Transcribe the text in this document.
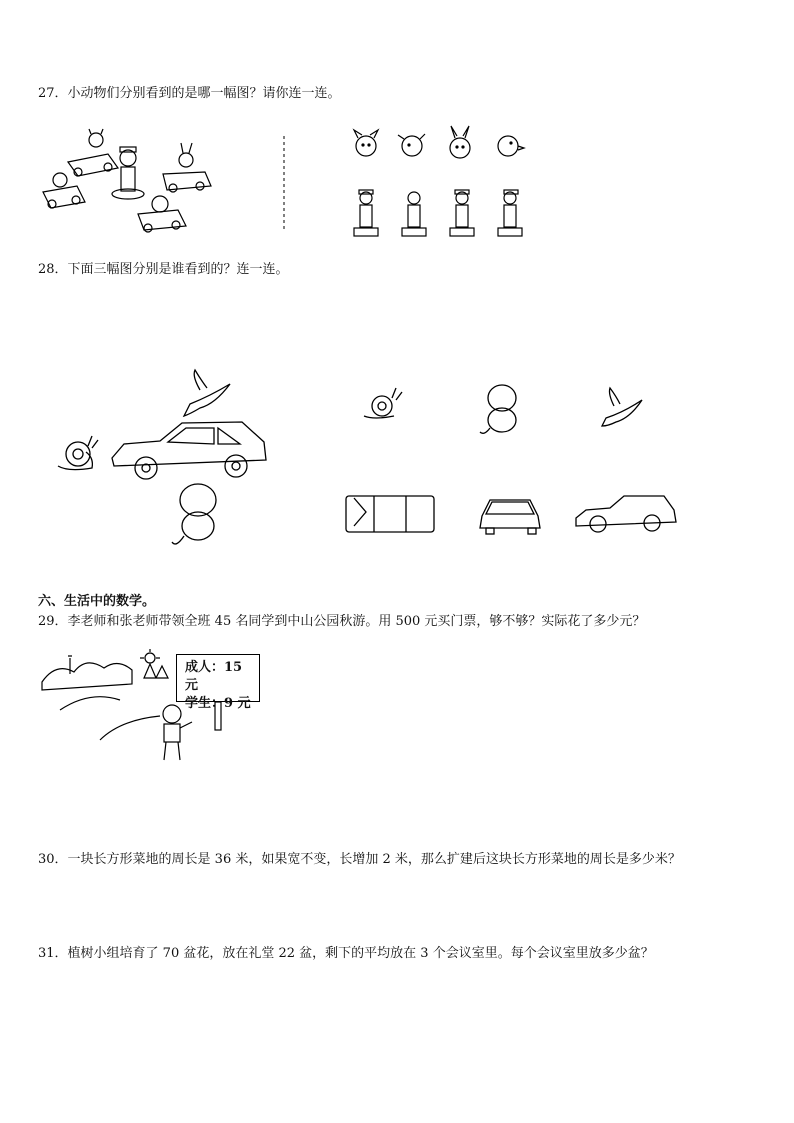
27．小动物们分别看到的是哪一幅图？请你连一连。
28．下面三幅图分别是谁看到的？连一连。
六、生活中的数学。
29．李老师和张老师带领全班 45 名同学到中山公园秋游。用 500 元买门票，够不够？实际花了多少元？
成人：15 元
学生：9 元
30．一块长方形菜地的周长是 36 米，如果宽不变，长增加 2 米，那么扩建后这块长方形菜地的周长是多少米？
31．植树小组培育了 70 盆花，放在礼堂 22 盆，剩下的平均放在 3 个会议室里。每个会议室里放多少盆？
